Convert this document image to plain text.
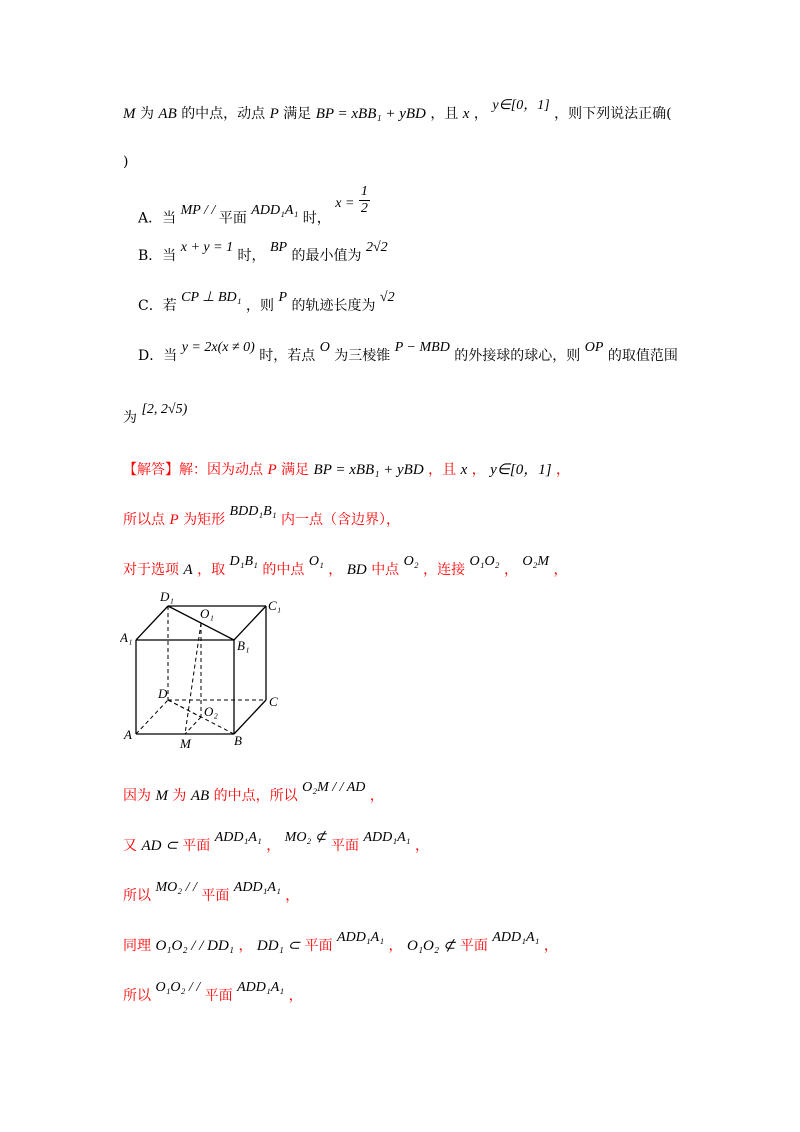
M 为 AB 的中点，动点 P 满足 BP = xBB₁ + yBD ，且 x ， y∈[0，1] ，则下列说法正确(
)
A．当 MP / / 平面 ADD₁A₁ 时， $x = \frac{1}{2}$
B．当 x + y = 1 时， BP 的最小值为 2√2
C．若 CP ⊥ BD₁ ，则 P 的轨迹长度为 √2
D．当 y = 2x(x ≠ 0) 时，若点 O 为三棱锥 P − MBD 的外接球的球心，则 OP 的取值范围
为 [2, 2√5)
【解答】解：因为动点 P 满足 BP = xBB₁ + yBD ，且 x ， y∈[0，1] ，
所以点 P 为矩形 BDD₁B₁ 内一点（含边界），
对于选项 A ，取 D₁B₁ 的中点 O₁ ， BD 中点 O₂ ，连接 O₁O₂ ， O₂M ，
D₁
O₁
C₁
A₁
B₁
D
C
O₂
A
M	B
因为 M 为 AB 的中点，所以 O₂M / / AD ，
又 AD ⊂ 平面 ADD₁A₁ ， MO₂ ⊄ 平面 ADD₁A₁ ，
所以 MO₂ / / 平面 ADD₁A₁ ，
同理 O₁O₂ / / DD₁ ， DD₁ ⊂ 平面 ADD₁A₁ ， O₁O₂ ⊄ 平面 ADD₁A₁ ，
所以 O₁O₂ / / 平面 ADD₁A₁ ，
